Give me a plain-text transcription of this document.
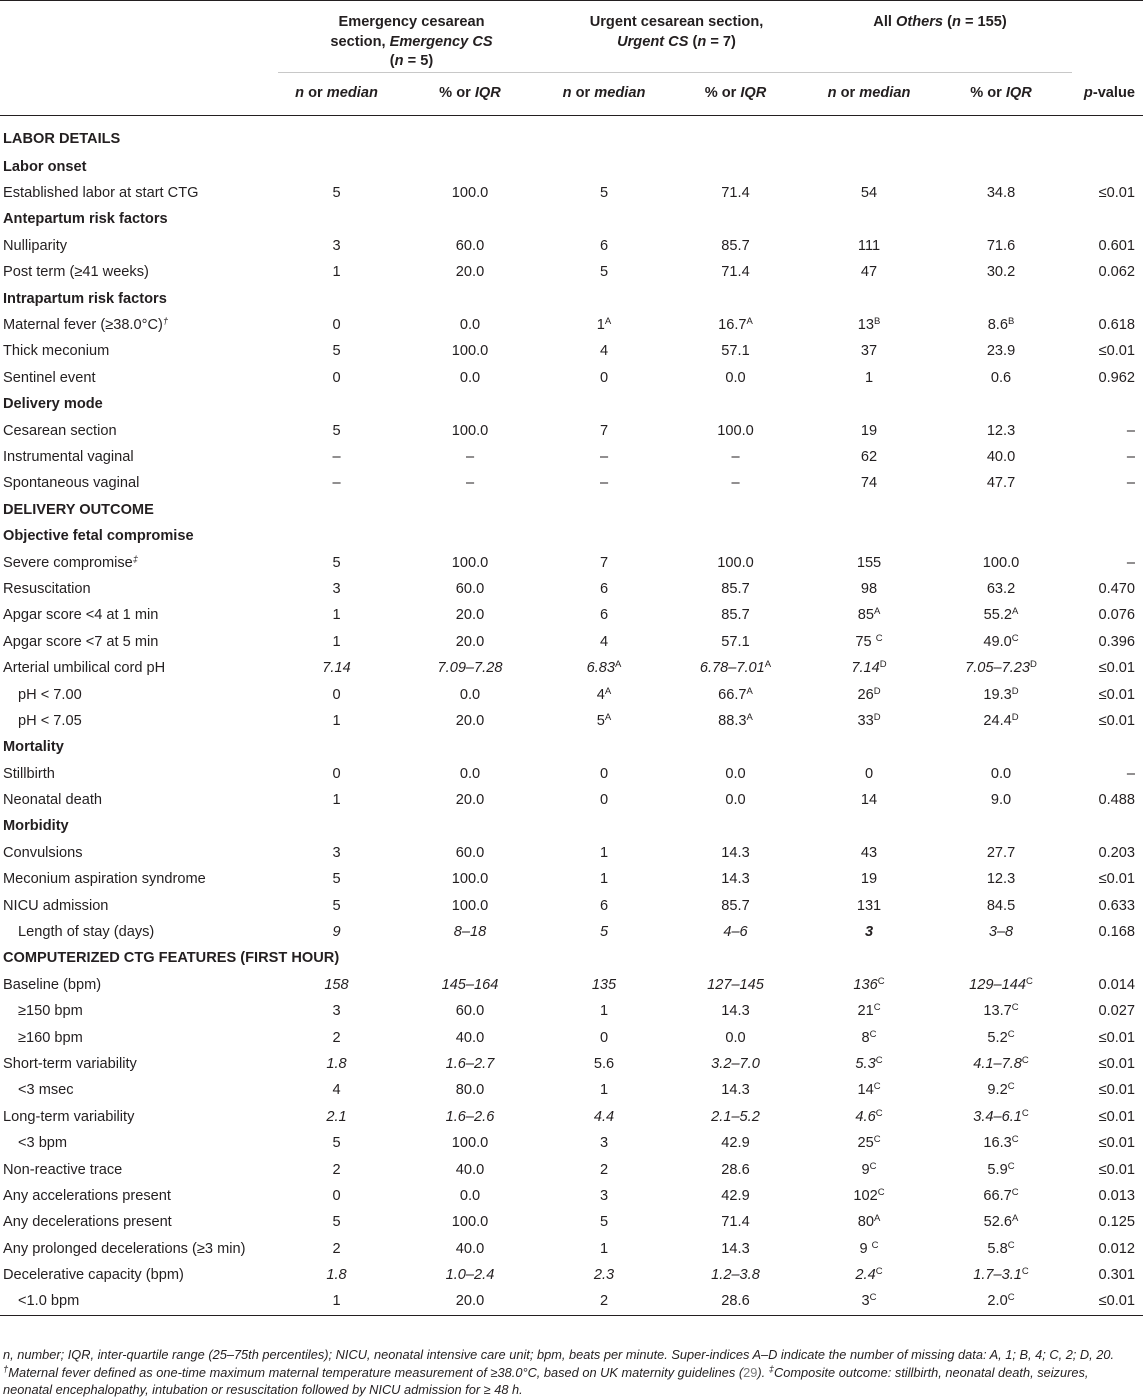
	Emergency cesarean
section, Emergency CS
(n = 5)		Urgent cesarean section,
Urgent CS (n = 7)		All Others (n = 155)		
	n or median	% or IQR	n or median	% or IQR	n or median	% or IQR	p-value
LABOR DETAILS							
Labor onset							
Established labor at start CTG	5	100.0	5	71.4	54	34.8	≤0.01
Antepartum risk factors							
Nulliparity	3	60.0	6	85.7	111	71.6	0.601
Post term (≥41 weeks)	1	20.0	5	71.4	47	30.2	0.062
Intrapartum risk factors							
Maternal fever (≥38.0°C)†	0	0.0	$1^A$	$16.7^A$	$13^B$	$8.6^B$	0.618
Thick meconium	5	100.0	4	57.1	37	23.9	≤0.01
Sentinel event	0	0.0	0	0.0	1	0.6	0.962
Delivery mode							
Cesarean section	5	100.0	7	100.0	19	12.3	–
Instrumental vaginal	–	–	–	–	62	40.0	–
Spontaneous vaginal	–	–	–	–	74	47.7	–
DELIVERY OUTCOME							
Objective fetal compromise							
Severe compromise‡	5	100.0	7	100.0	155	100.0	–
Resuscitation	3	60.0	6	85.7	98	63.2	0.470
Apgar score <4 at 1 min	1	20.0	6	85.7	$85^A$	$55.2^A$	0.076
Apgar score <7 at 5 min	1	20.0	4	57.1	75 $^C$	$49.0^C$	0.396
Arterial umbilical cord pH	7.14	7.09–7.28	$6.83^A$	$6.78-7.01^A$	$7.14^D$	$7.05-7.23^D$	≤0.01
pH < 7.00	0	0.0	$4^A$	$66.7^A$	$26^D$	$19.3^D$	≤0.01
pH < 7.05	1	20.0	$5^A$	$88.3^A$	$33^D$	$24.4^D$	≤0.01
Mortality							
Stillbirth	0	0.0	0	0.0	0	0.0	–
Neonatal death	1	20.0	0	0.0	14	9.0	0.488
Morbidity							
Convulsions	3	60.0	1	14.3	43	27.7	0.203
Meconium aspiration syndrome	5	100.0	1	14.3	19	12.3	≤0.01
NICU admission	5	100.0	6	85.7	131	84.5	0.633
Length of stay (days)	9	8–18	5	4–6	3	3–8	0.168
COMPUTERIZED CTG FEATURES (FIRST HOUR)							
Baseline (bpm)	158	145–164	135	127–145	$136^C$	$129-144^C$	0.014
≥150 bpm	3	60.0	1	14.3	$21^C$	$13.7^C$	0.027
≥160 bpm	2	40.0	0	0.0	$8^C$	$5.2^C$	≤0.01
Short-term variability	1.8	1.6–2.7	5.6	3.2–7.0	$5.3^C$	$4.1-7.8^C$	≤0.01
<3 msec	4	80.0	1	14.3	$14^C$	$9.2^C$	≤0.01
Long-term variability	2.1	1.6–2.6	4.4	2.1–5.2	$4.6^C$	$3.4-6.1^C$	≤0.01
<3 bpm	5	100.0	3	42.9	$25^C$	$16.3^C$	≤0.01
Non-reactive trace	2	40.0	2	28.6	$9^C$	$5.9^C$	≤0.01
Any accelerations present	0	0.0	3	42.9	$102^C$	$66.7^C$	0.013
Any decelerations present	5	100.0	5	71.4	$80^A$	$52.6^A$	0.125
Any prolonged decelerations (≥3 min)	2	40.0	1	14.3	9 $^C$	$5.8^C$	0.012
Decelerative capacity (bpm)	1.8	1.0–2.4	2.3	1.2–3.8	$2.4^C$	$1.7-3.1^C$	0.301
<1.0 bpm	1	20.0	2	28.6	$3^C$	$2.0^C$	≤0.01
n, number; IQR, inter-quartile range (25–75th percentiles); NICU, neonatal intensive care unit; bpm, beats per minute. Super-indices A–D indicate the number of missing data: A, 1; B, 4; C, 2; D, 20. †Maternal fever defined as one-time maximum maternal temperature measurement of ≥38.0°C, based on UK maternity guidelines (29). ‡Composite outcome: stillbirth, neonatal death, seizures, neonatal encephalopathy, intubation or resuscitation followed by NICU admission for ≥ 48 h.
